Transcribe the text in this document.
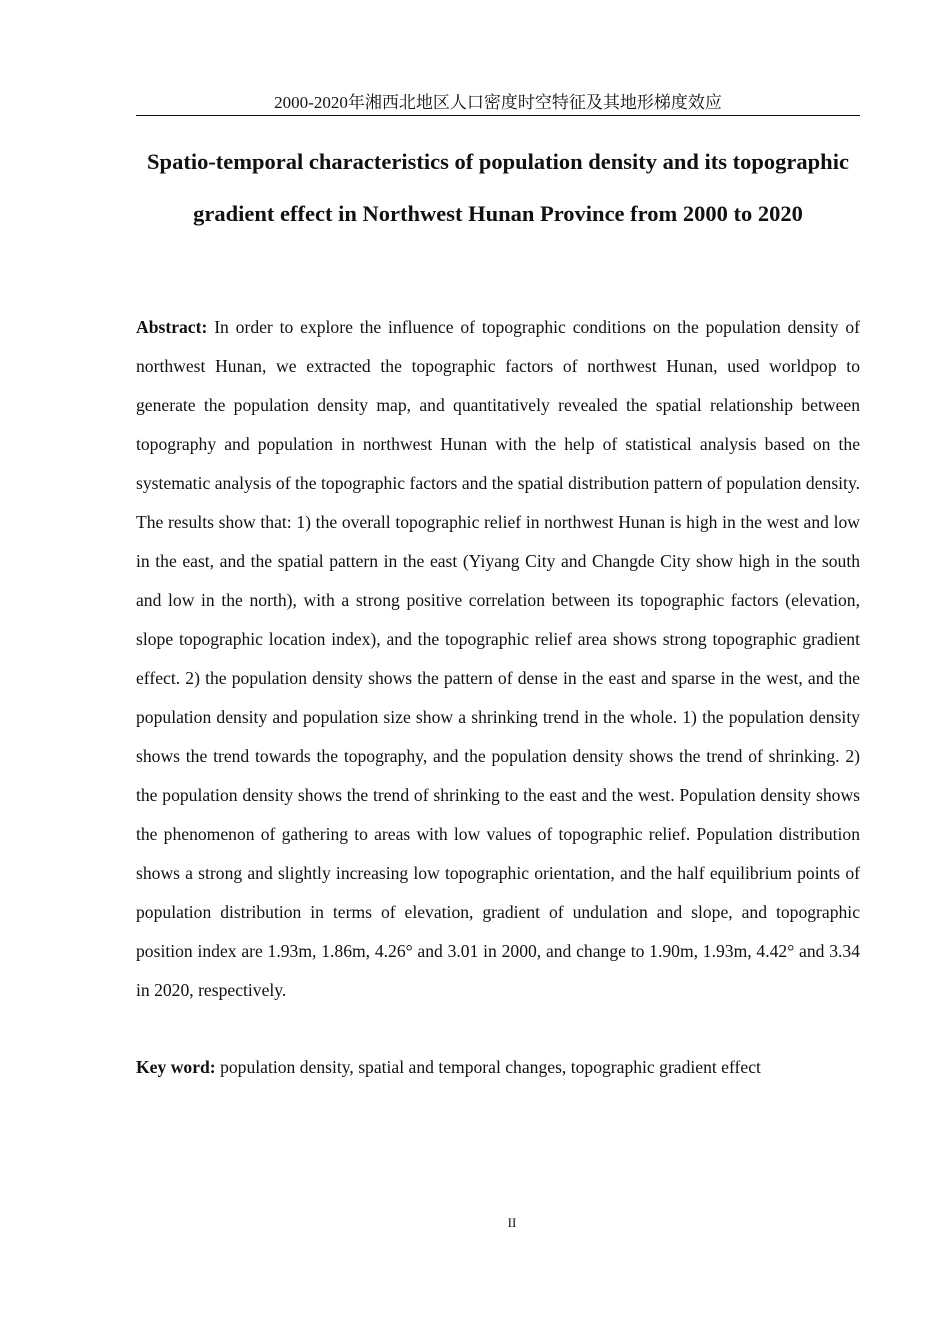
2000-2020年湘西北地区人口密度时空特征及其地形梯度效应
Spatio-temporal characteristics of population density and its topographic gradient effect in Northwest Hunan Province from 2000 to 2020

Abstract: In order to explore the influence of topographic conditions on the population density of northwest Hunan, we extracted the topographic factors of northwest Hunan, used worldpop to generate the population density map, and quantitatively revealed the spatial relationship between topography and population in northwest Hunan with the help of statistical analysis based on the systematic analysis of the topographic factors and the spatial distribution pattern of population density. The results show that: 1) the overall topographic relief in northwest Hunan is high in the west and low in the east, and the spatial pattern in the east (Yiyang City and Changde City show high in the south and low in the north), with a strong positive correlation between its topographic factors (elevation, slope topographic location index), and the topographic relief area shows strong topographic gradient effect. 2) the population density shows the pattern of dense in the east and sparse in the west, and the population density and population size show a shrinking trend in the whole. 1) the population density shows the trend towards the topography, and the population density shows the trend of shrinking. 2) the population density shows the trend of shrinking to the east and the west. Population density shows the phenomenon of gathering to areas with low values of topographic relief. Population distribution shows a strong and slightly increasing low topographic orientation, and the half equilibrium points of population distribution in terms of elevation, gradient of undulation and slope, and topographic position index are 1.93m, 1.86m, 4.26° and 3.01 in 2000, and change to 1.90m, 1.93m, 4.42° and 3.34 in 2020, respectively.

Key word: population density, spatial and temporal changes, topographic gradient effect

II
